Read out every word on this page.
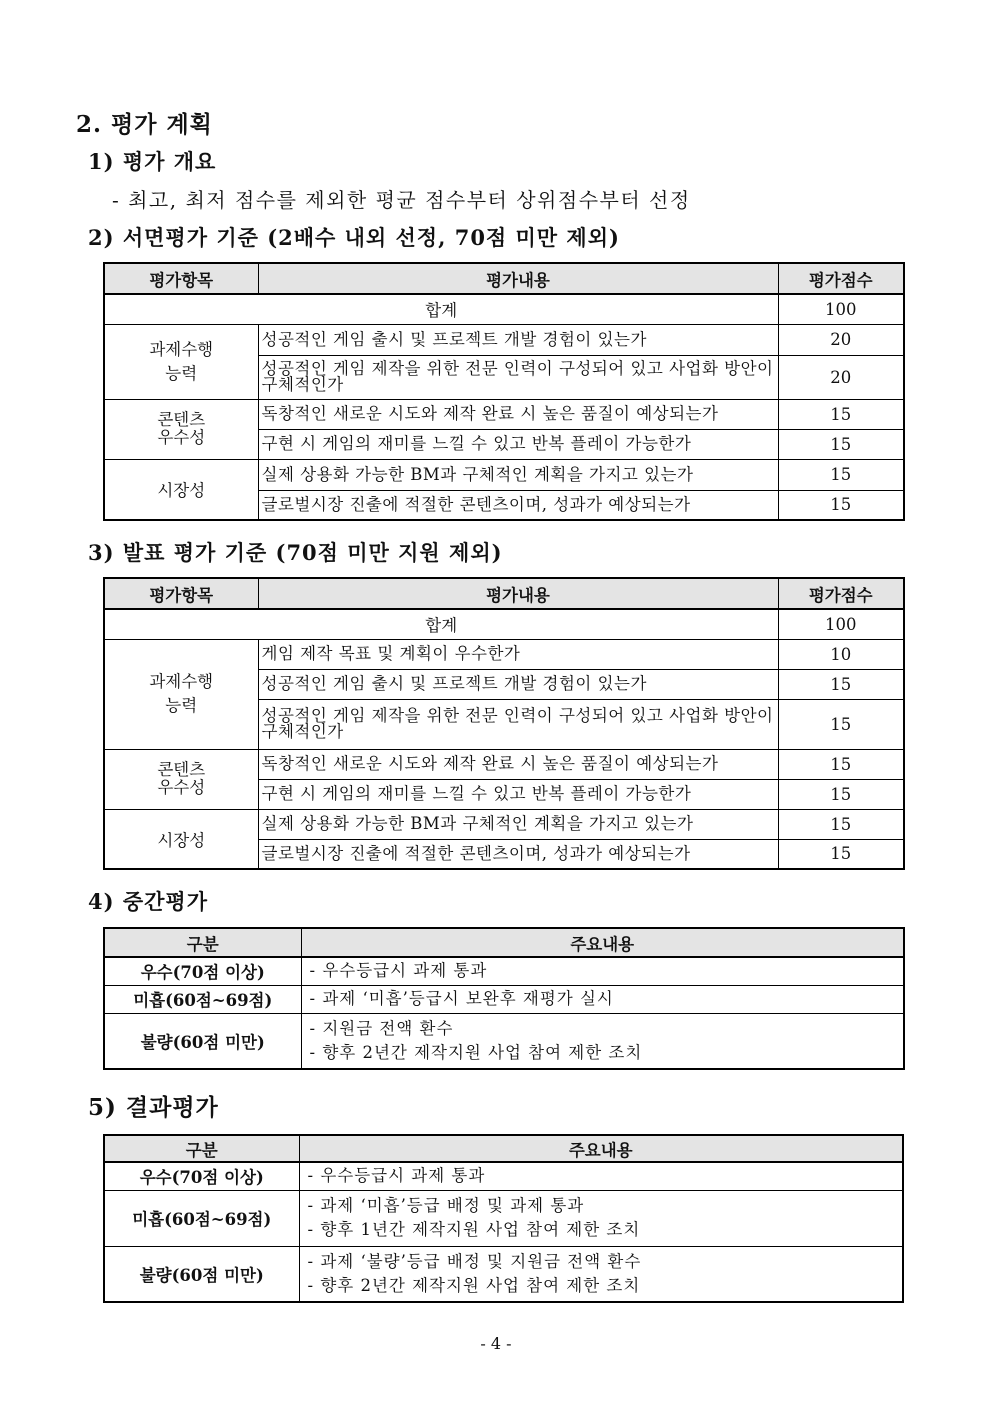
2. 평가 계획
1) 평가 개요
- 최고, 최저 점수를 제외한 평균 점수부터 상위점수부터 선정
2) 서면평가 기준 (2배수 내외 선정, 70점 미만 제외)
평가항목	평가내용	평가점수
합계		100
과제수행
능력	성공적인 게임 출시 및 프로젝트 개발 경험이 있는가	20
	성공적인 게임 제작을 위한 전문 인력이 구성되어 있고 사업화 방안이 구체적인가	20
콘텐츠
우수성	독창적인 새로운 시도와 제작 완료 시 높은 품질이 예상되는가	15
	구현 시 게임의 재미를 느낄 수 있고 반복 플레이 가능한가	15
시장성	실제 상용화 가능한 BM과 구체적인 계획을 가지고 있는가	15
	글로벌시장 진출에 적절한 콘텐츠이며, 성과가 예상되는가	15
3) 발표 평가 기준 (70점 미만 지원 제외)
평가항목	평가내용	평가점수
합계		100
과제수행
능력	게임 제작 목표 및 계획이 우수한가	10
	성공적인 게임 출시 및 프로젝트 개발 경험이 있는가	15
	성공적인 게임 제작을 위한 전문 인력이 구성되어 있고 사업화 방안이 구체적인가	15
콘텐츠
우수성	독창적인 새로운 시도와 제작 완료 시 높은 품질이 예상되는가	15
	구현 시 게임의 재미를 느낄 수 있고 반복 플레이 가능한가	15
시장성	실제 상용화 가능한 BM과 구체적인 계획을 가지고 있는가	15
	글로벌시장 진출에 적절한 콘텐츠이며, 성과가 예상되는가	15
4) 중간평가
구분	주요내용
우수(70점 이상)	- 우수등급시 과제 통과
미흡(60점~69점)	- 과제 ‘미흡’등급시 보완후 재평가 실시
불량(60점 미만)	- 지원금 전액 환수
- 향후 2년간 제작지원 사업 참여 제한 조치
5) 결과평가
구분	주요내용
우수(70점 이상)	- 우수등급시 과제 통과
미흡(60점~69점)	- 과제 ‘미흡’등급 배정 및 과제 통과
- 향후 1년간 제작지원 사업 참여 제한 조치
불량(60점 미만)	- 과제 ‘불량’등급 배정 및 지원금 전액 환수
- 향후 2년간 제작지원 사업 참여 제한 조치
- 4 -
